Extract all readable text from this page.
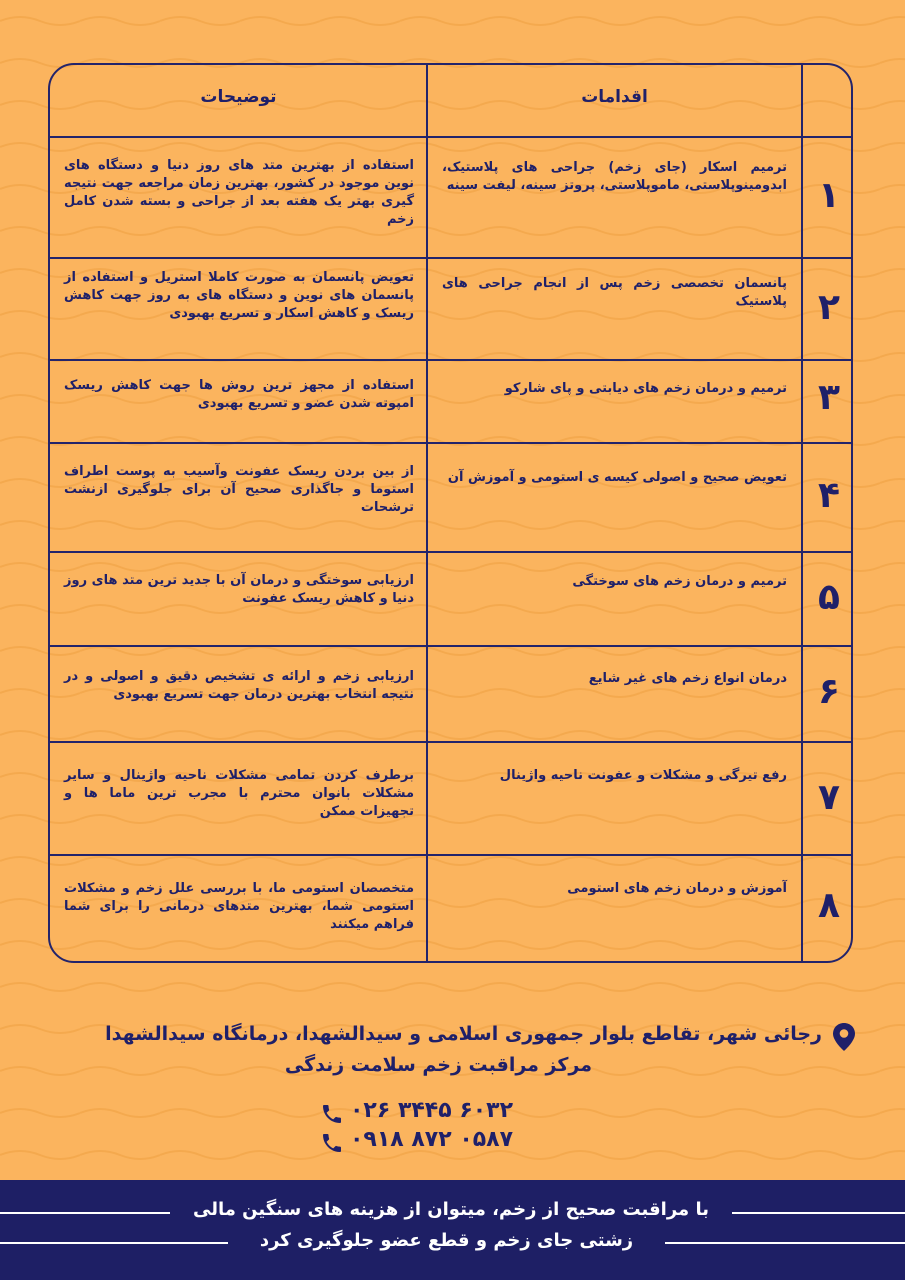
توضیحات	اقدامات
استفاده از بهترین متد های روز دنیا و دستگاه های نوین موجود در کشور، بهترین زمان مراجعه جهت نتیجه گیری بهتر یک هفته بعد از جراحی و بسته شدن کامل زخم
ترمیم اسکار (جای زخم) جراحی های پلاستیک، ابدومینوپلاستی، ماموپلاستی، پروتز سینه، لیفت سینه ۱
تعویض پانسمان به صورت کاملا استریل و استفاده از پانسمان های نوین و دستگاه های به روز جهت کاهش ریسک و کاهش اسکار و تسریع بهبودی
پانسمان تخصصی زخم پس از انجام جراحی های پلاستیک ۲
استفاده از مجهز ترین روش ها جهت کاهش ریسک امپوته شدن عضو و تسریع بهبودی
ترمیم و درمان زخم های دیابتی و پای شارکو ۳
از بین بردن ریسک عفونت وآسیب به پوست اطراف استوما و جاگذاری صحیح آن برای جلوگیری ازنشت ترشحات
تعویض صحیح و اصولی کیسه ی استومی و آموزش آن ۴
ارزیابی سوختگی و درمان آن با جدید ترین متد های روز دنیا و کاهش ریسک عفونت
ترمیم و درمان زخم های سوختگی ۵
ارزیابی زخم و ارائه ی تشخیص دقیق و اصولی و در نتیجه انتخاب بهترین درمان جهت تسریع بهبودی
درمان انواع زخم های غیر شایع ۶
برطرف کردن تمامی مشکلات ناحیه واژینال و سایر مشکلات بانوان محترم با مجرب ترین ماما ها و تجهیزات ممکن
رفع تیرگی و مشکلات و عفونت ناحیه واژینال
۷
متخصصان استومی ما، با بررسی علل زخم و مشکلات استومی شما، بهترین متدهای درمانی را برای شما فراهم میکنند
آموزش و درمان زخم های استومی ۸
رجائی شهر، تقاطع بلوار جمهوری اسلامی و سیدالشهدا، درمانگاه سیدالشهدا
مرکز مراقبت زخم سلامت زندگی
۰۲۶ ۳۴۴۵ ۶۰۳۲
۰۹۱۸ ۸۷۲ ۰۵۸۷
با مراقبت صحیح از زخم، میتوان از هزینه های سنگین مالی
زشتی جای زخم و قطع عضو جلوگیری کرد
